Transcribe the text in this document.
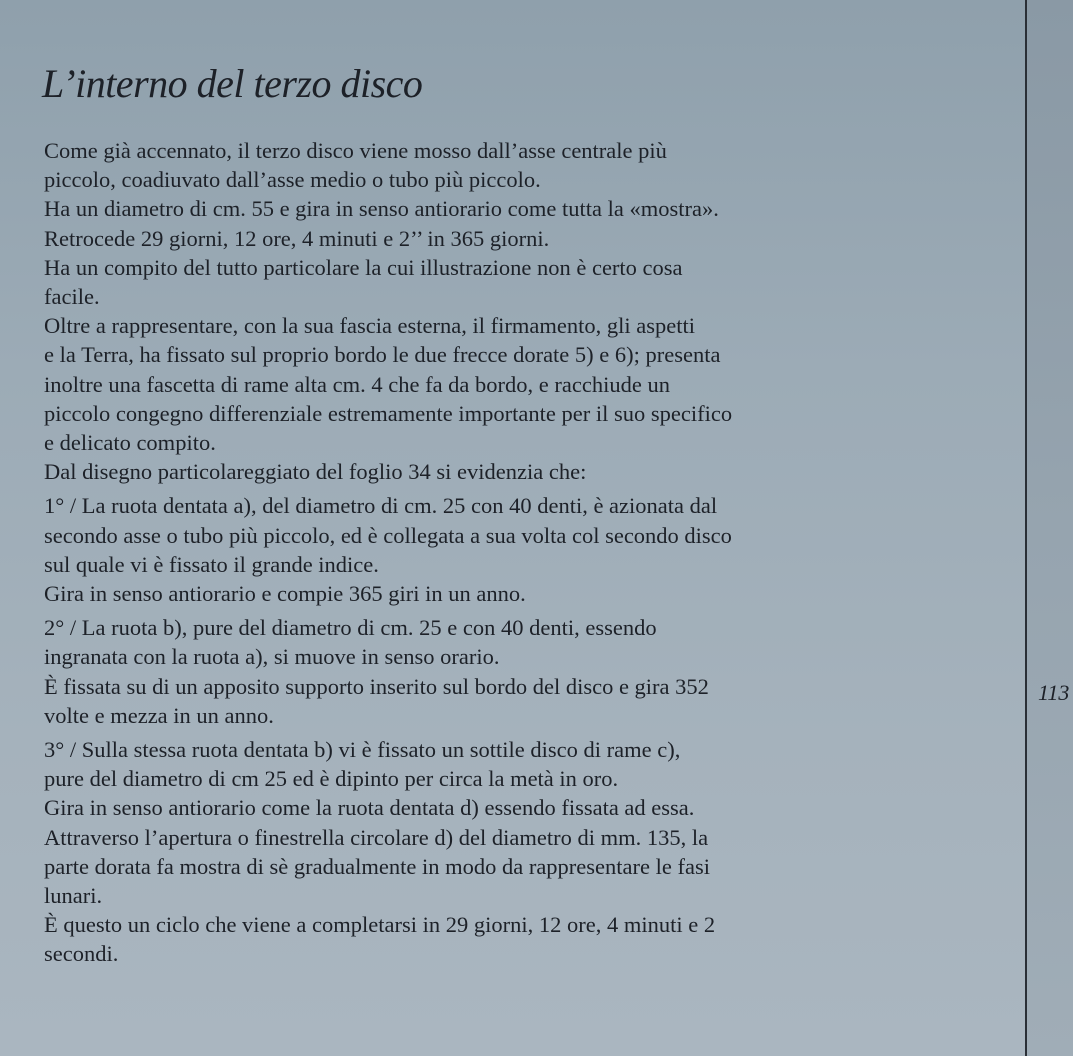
L’interno del terzo disco

Come già accennato, il terzo disco viene mosso dall’asse centrale più

piccolo, coadiuvato dall’asse medio o tubo più piccolo.

Ha un diametro di cm. 55 e gira in senso antiorario come tutta la «mostra».

Retrocede 29 giorni, 12 ore, 4 minuti e 2’’ in 365 giorni.

Ha un compito del tutto particolare la cui illustrazione non è certo cosa

facile.

Oltre a rappresentare, con la sua fascia esterna, il firmamento, gli aspetti

e la Terra, ha fissato sul proprio bordo le due frecce dorate 5) e 6); presenta

inoltre una fascetta di rame alta cm. 4 che fa da bordo, e racchiude un

piccolo congegno differenziale estremamente importante per il suo specifico

e delicato compito.

Dal disegno particolareggiato del foglio 34 si evidenzia che:

1° / La ruota dentata a), del diametro di cm. 25 con 40 denti, è azionata dal

secondo asse o tubo più piccolo, ed è collegata a sua volta col secondo disco

sul quale vi è fissato il grande indice.

Gira in senso antiorario e compie 365 giri in un anno.

2° / La ruota b), pure del diametro di cm. 25 e con 40 denti, essendo

ingranata con la ruota a), si muove in senso orario.

È fissata su di un apposito supporto inserito sul bordo del disco e gira 352

volte e mezza in un anno.

3° / Sulla stessa ruota dentata b) vi è fissato un sottile disco di rame c),

pure del diametro di cm 25 ed è dipinto per circa la metà in oro.

Gira in senso antiorario come la ruota dentata d) essendo fissata ad essa.

Attraverso l’apertura o finestrella circolare d) del diametro di mm. 135, la

parte dorata fa mostra di sè gradualmente in modo da rappresentare le fasi

lunari.

È questo un ciclo che viene a completarsi in 29 giorni, 12 ore, 4 minuti e 2

secondi.

113
